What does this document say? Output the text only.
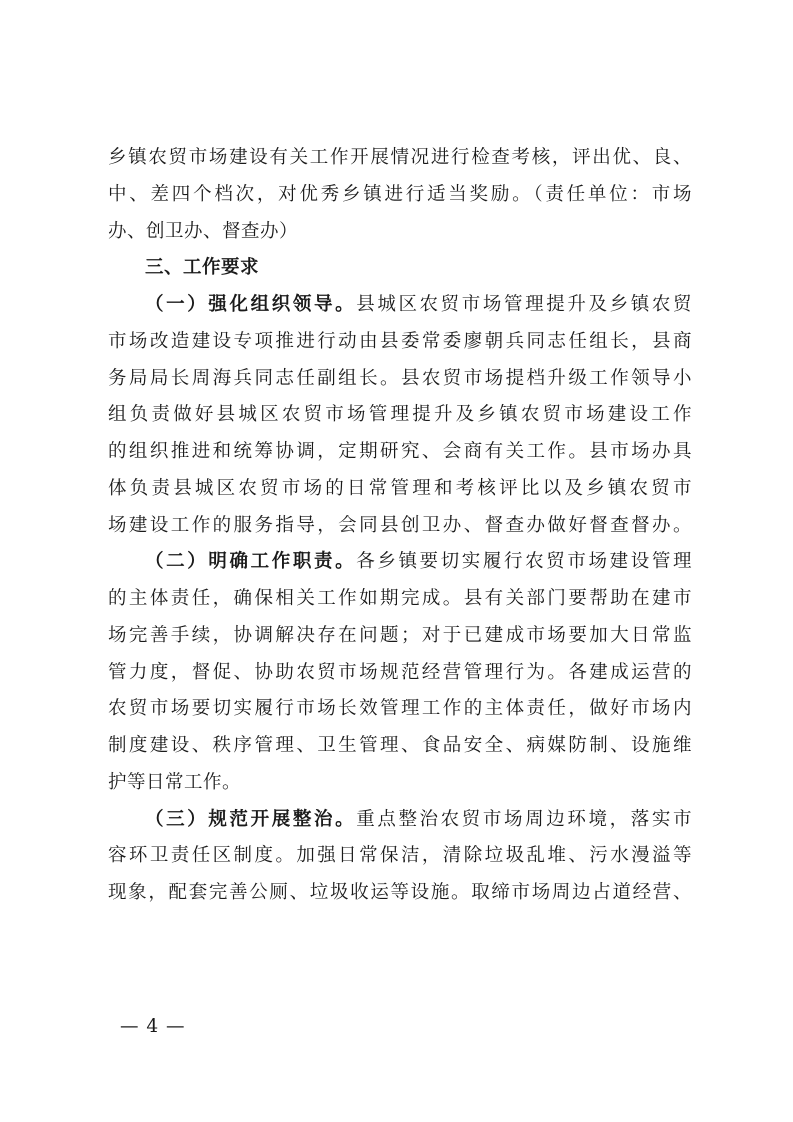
乡镇农贸市场建设有关工作开展情况进行检查考核，评出优、良、
中、差四个档次，对优秀乡镇进行适当奖励。（责任单位：市场
办、创卫办、督查办）
三、工作要求
（一）强化组织领导。县城区农贸市场管理提升及乡镇农贸
市场改造建设专项推进行动由县委常委廖朝兵同志任组长，县商
务局局长周海兵同志任副组长。县农贸市场提档升级工作领导小
组负责做好县城区农贸市场管理提升及乡镇农贸市场建设工作
的组织推进和统筹协调，定期研究、会商有关工作。县市场办具
体负责县城区农贸市场的日常管理和考核评比以及乡镇农贸市
场建设工作的服务指导，会同县创卫办、督查办做好督查督办。
（二）明确工作职责。各乡镇要切实履行农贸市场建设管理
的主体责任，确保相关工作如期完成。县有关部门要帮助在建市
场完善手续，协调解决存在问题；对于已建成市场要加大日常监
管力度，督促、协助农贸市场规范经营管理行为。各建成运营的
农贸市场要切实履行市场长效管理工作的主体责任，做好市场内
制度建设、秩序管理、卫生管理、食品安全、病媒防制、设施维
护等日常工作。
（三）规范开展整治。重点整治农贸市场周边环境，落实市
容环卫责任区制度。加强日常保洁，清除垃圾乱堆、污水漫溢等
现象，配套完善公厕、垃圾收运等设施。取缔市场周边占道经营、
— 4 —
